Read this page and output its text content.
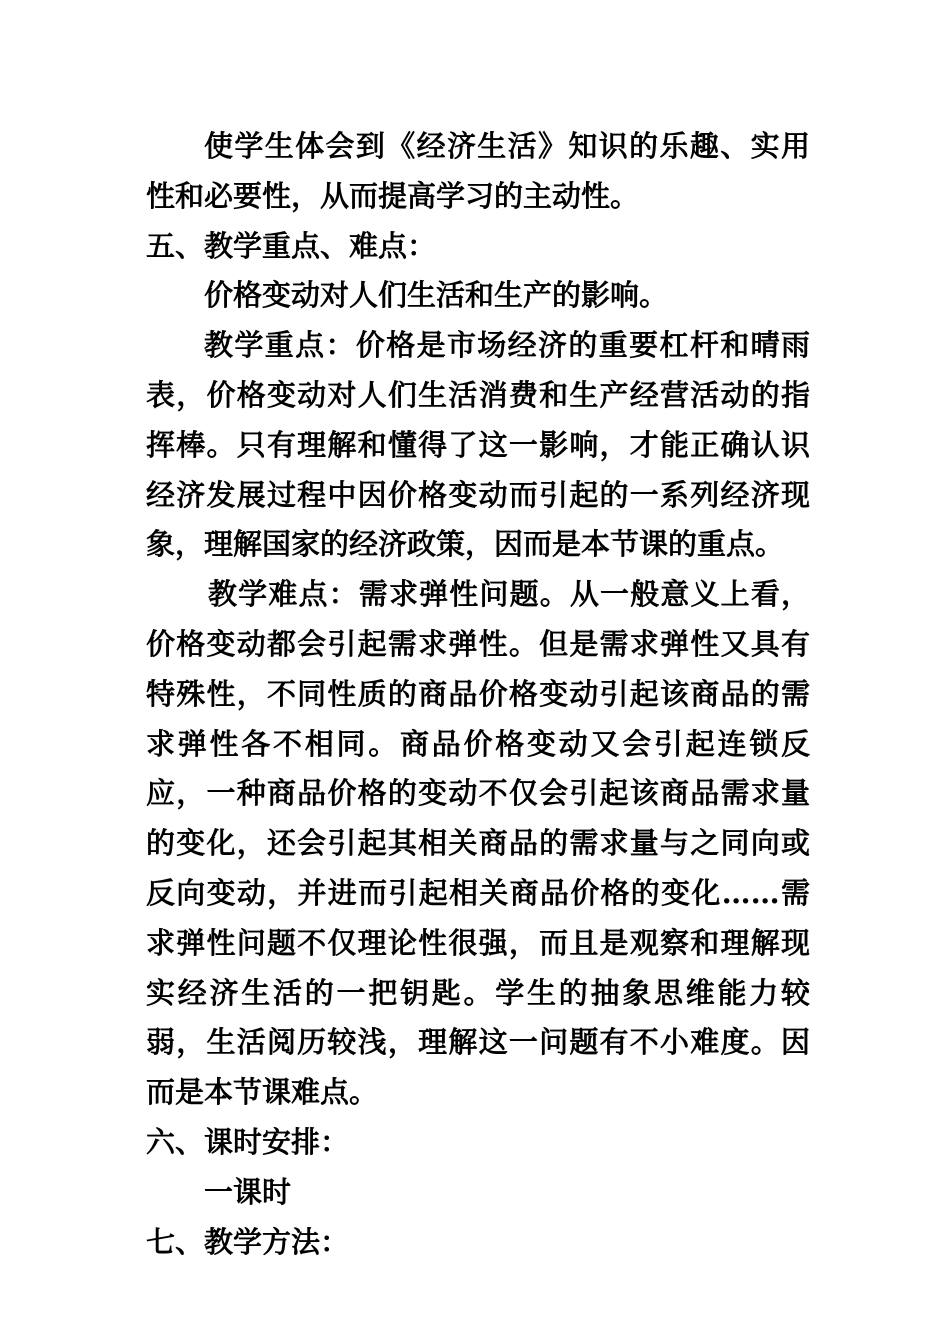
使学生体会到《经济生活》知识的乐趣、实用性和必要性，从而提高学习的主动性。

五、教学重点、难点：

价格变动对人们生活和生产的影响。

教学重点：价格是市场经济的重要杠杆和晴雨表，价格变动对人们生活消费和生产经营活动的指挥棒。只有理解和懂得了这一影响，才能正确认识经济发展过程中因价格变动而引起的一系列经济现象，理解国家的经济政策，因而是本节课的重点。

教学难点：需求弹性问题。从一般意义上看，价格变动都会引起需求弹性。但是需求弹性又具有特殊性，不同性质的商品价格变动引起该商品的需求弹性各不相同。商品价格变动又会引起连锁反应，一种商品价格的变动不仅会引起该商品需求量的变化，还会引起其相关商品的需求量与之同向或反向变动，并进而引起相关商品价格的变化……需求弹性问题不仅理论性很强，而且是观察和理解现实经济生活的一把钥匙。学生的抽象思维能力较弱，生活阅历较浅，理解这一问题有不小难度。因而是本节课难点。

六、课时安排：

一课时

七、教学方法：
